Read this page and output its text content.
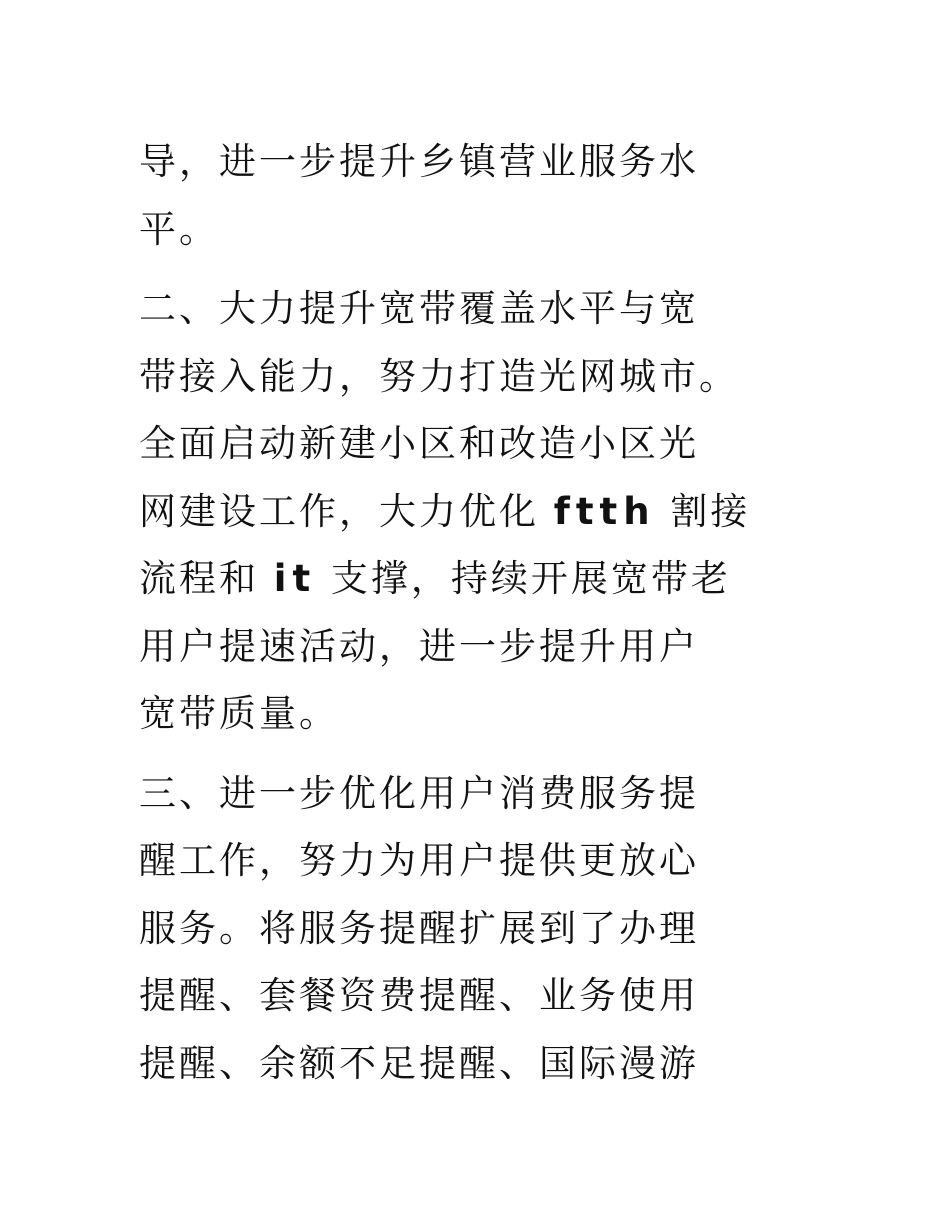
导，进一步提升乡镇营业服务水
平。

二、大力提升宽带覆盖水平与宽
带接入能力，努力打造光网城市。
全面启动新建小区和改造小区光
网建设工作，大力优化 ftth 割接
流程和 it 支撑，持续开展宽带老
用户提速活动，进一步提升用户
宽带质量。

三、进一步优化用户消费服务提
醒工作，努力为用户提供更放心
服务。将服务提醒扩展到了办理
提醒、套餐资费提醒、业务使用
提醒、余额不足提醒、国际漫游
